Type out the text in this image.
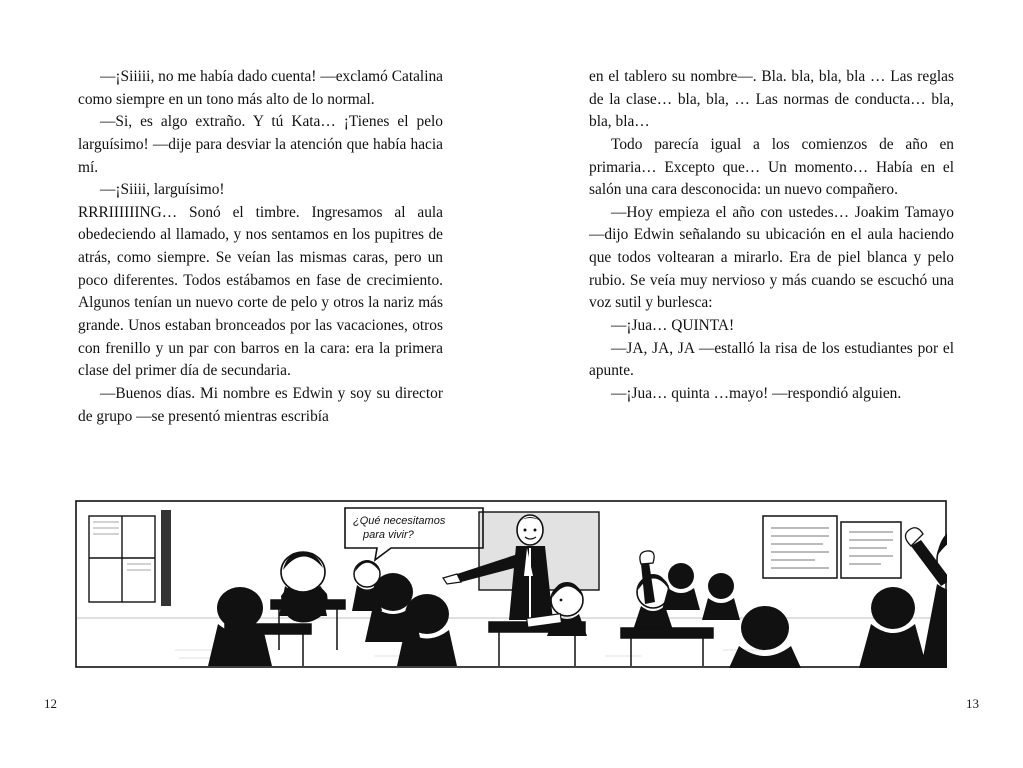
—¡Siiiii, no me había dado cuenta! —exclamó Catalina como siempre en un tono más alto de lo normal.

—Si, es algo extraño. Y tú Kata… ¡Tienes el pelo larguísimo! —dije para desviar la atención que había hacia mí.

—¡Siiii, larguísimo!

RRRIIIIIING… Sonó el timbre. Ingresamos al aula obedeciendo al llamado, y nos sentamos en los pupitres de atrás, como siempre. Se veían las mismas caras, pero un poco diferentes. Todos estábamos en fase de crecimiento. Algunos tenían un nuevo corte de pelo y otros la nariz más grande. Unos estaban bronceados por las vacaciones, otros con frenillo y un par con barros en la cara: era la primera clase del primer día de secundaria.

—Buenos días. Mi nombre es Edwin y soy su director de grupo —se presentó mientras escribía

en el tablero su nombre—. Bla. bla, bla, bla … Las reglas de la clase… bla, bla, … Las normas de conducta… bla, bla, bla…

Todo parecía igual a los comienzos de año en primaria… Excepto que… Un momento… Había en el salón una cara desconocida: un nuevo compañero.

—Hoy empieza el año con ustedes… Joakim Tamayo —dijo Edwin señalando su ubicación en el aula haciendo que todos voltearan a mirarlo. Era de piel blanca y pelo rubio. Se veía muy nervioso y más cuando se escuchó una voz sutil y burlesca:

—¡Jua… QUINTA!

—JA, JA, JA —estalló la risa de los estudiantes por el apunte.

—¡Jua… quinta …mayo! —respondió alguien.

¿Qué necesitamos
para vivir?
12	13
